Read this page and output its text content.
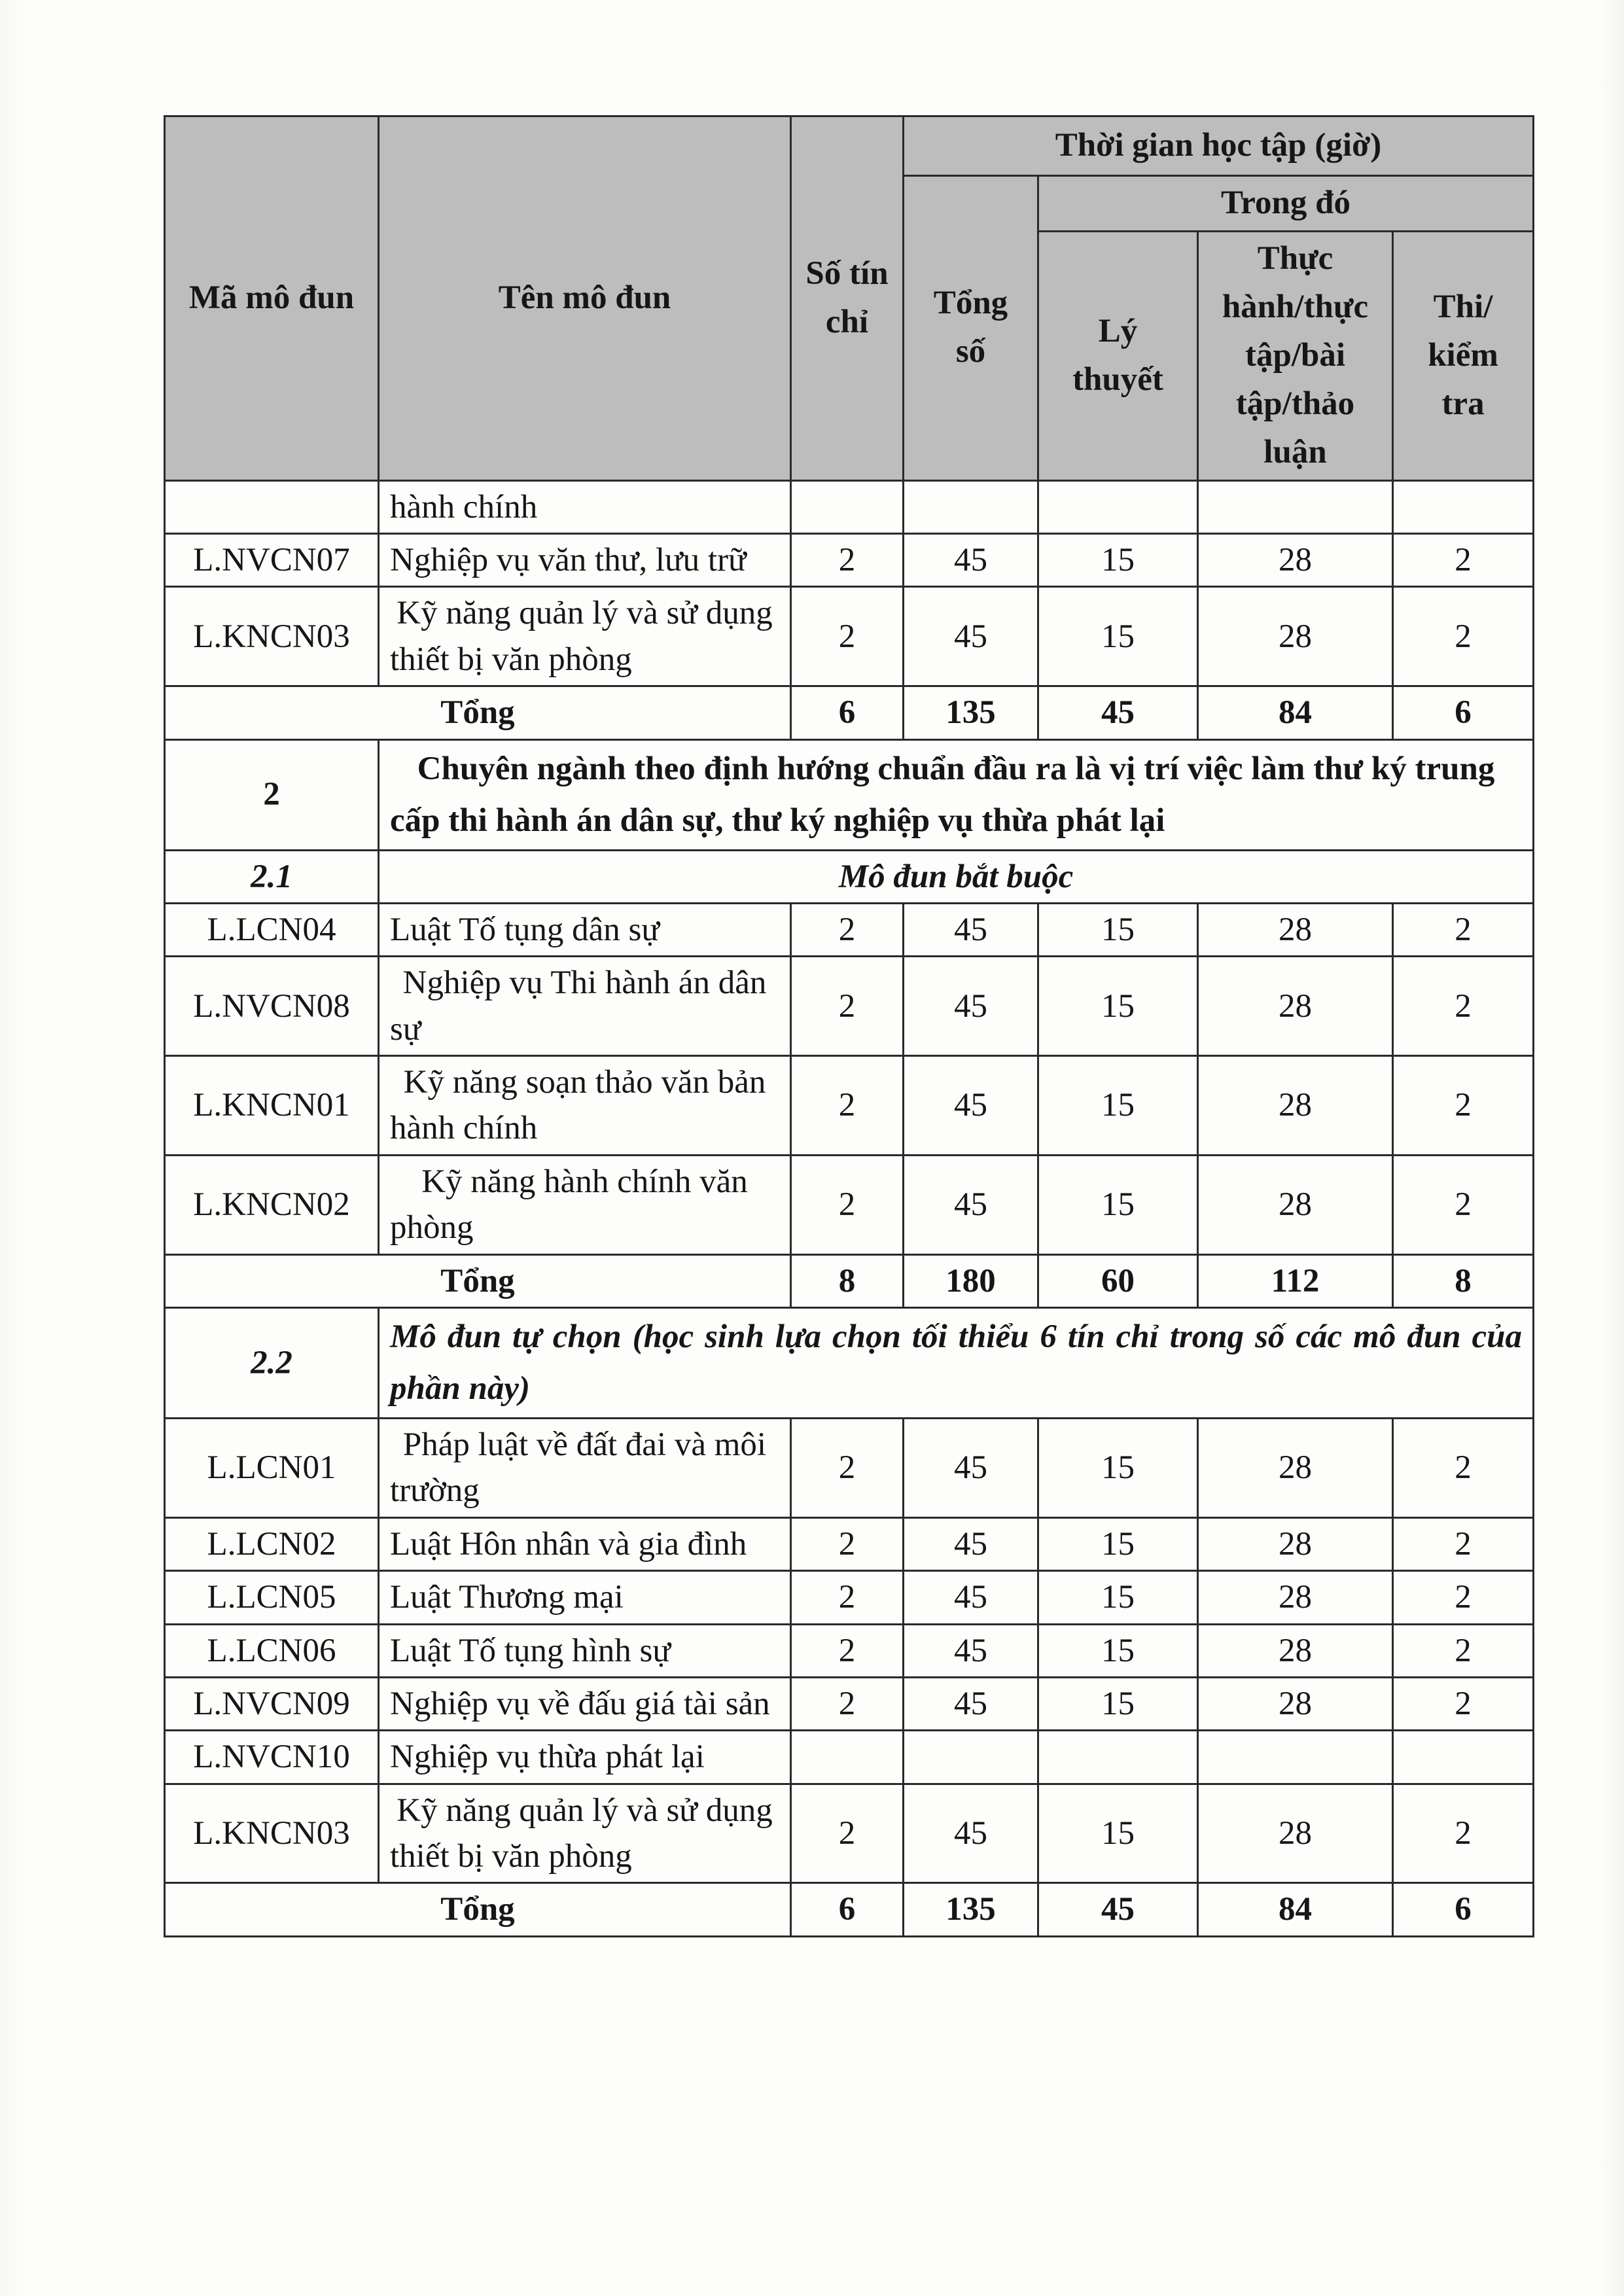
Mã mô đun	Tên mô đun	Số tín chỉ	Thời gian học tập (giờ)			
			Tổng số	Trong đó		
				Lý thuyết	Thực hành/thực tập/bài tập/thảo luận	Thi/ kiểm tra
	hành chính					
L.NVCN07	Nghiệp vụ văn thư, lưu trữ	2	45	15	28	2
L.KNCN03	Kỹ năng quản lý và sử dụng thiết bị văn phòng	2	45	15	28	2
Tổng		6	135	45	84	6
2	Chuyên ngành theo định hướng chuẩn đầu ra là vị trí việc làm thư ký trung cấp thi hành án dân sự, thư ký nghiệp vụ thừa phát lại					
2.1	Mô đun bắt buộc					
L.LCN04	Luật Tố tụng dân sự	2	45	15	28	2
L.NVCN08	Nghiệp vụ Thi hành án dân sự	2	45	15	28	2
L.KNCN01	Kỹ năng soạn thảo văn bản hành chính	2	45	15	28	2
L.KNCN02	Kỹ năng hành chính văn phòng	2	45	15	28	2
Tổng		8	180	60	112	8
2.2	Mô đun tự chọn (học sinh lựa chọn tối thiểu 6 tín chỉ trong số các mô đun của phần này)					
L.LCN01	Pháp luật về đất đai và môi trường	2	45	15	28	2
L.LCN02	Luật Hôn nhân và gia đình	2	45	15	28	2
L.LCN05	Luật Thương mại	2	45	15	28	2
L.LCN06	Luật Tố tụng hình sự	2	45	15	28	2
L.NVCN09	Nghiệp vụ về đấu giá tài sản	2	45	15	28	2
L.NVCN10	Nghiệp vụ thừa phát lại					
L.KNCN03	Kỹ năng quản lý và sử dụng thiết bị văn phòng	2	45	15	28	2
Tổng		6	135	45	84	6
